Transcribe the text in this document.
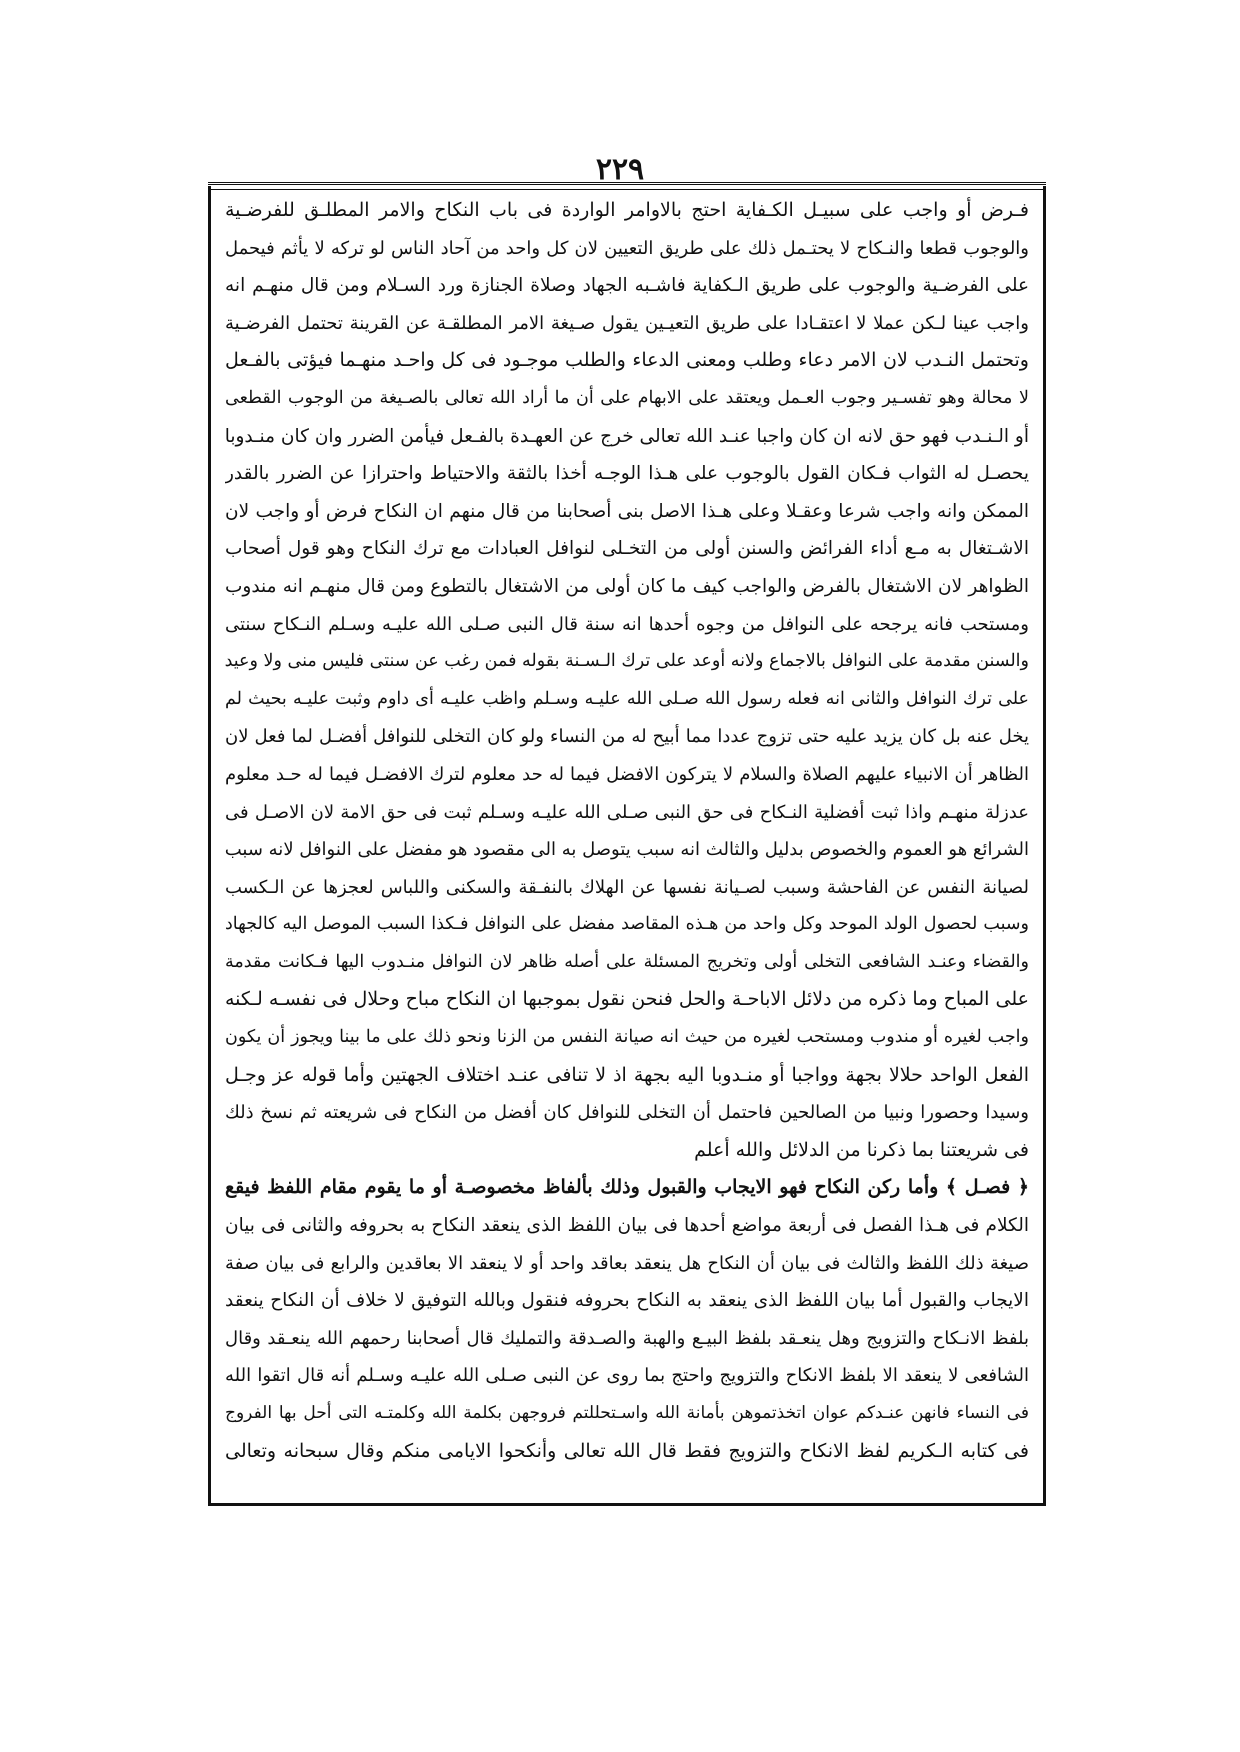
٢٢٩
فـرض أو واجب على سبيـل الكـفاية احتج بالاوامر الواردة فى باب النكاح والامر المطلـق للفرضـية
والوجوب قطعا والنـكاح لا يحتـمل ذلك على طريق التعيين لان كل واحد من آحاد الناس لو تركه لا يأثم فيحمل
على الفرضـية والوجوب على طريق الـكفاية فاشـبه الجهاد وصلاة الجنازة ورد السـلام ومن قال منهـم انه
واجب عينا لـكن عملا لا اعتقـادا على طريق التعيـين يقول صـيغة الامر المطلقـة عن القرينة تحتمل الفرضـية
وتحتمل النـدب لان الامر دعاء وطلب ومعنى الدعاء والطلب موجـود فى كل واحـد منهـما فيؤتى بالفـعل
لا محالة وهو تفسـير وجوب العـمل ويعتقد على الابهام على أن ما أراد الله تعالى بالصـيغة من الوجوب القطعى
أو الـنـدب فهو حق لانه ان كان واجبا عنـد الله تعالى خرج عن العهـدة بالفـعل فيأمن الضرر وان كان منـدوبا
يحصـل له الثواب فـكان القول بالوجوب على هـذا الوجـه أخذا بالثقة والاحتياط واحترازا عن الضرر بالقدر
الممكن وانه واجب شرعا وعقـلا وعلى هـذا الاصل بنى أصحابنا من قال منهم ان النكاح فرض أو واجب لان
الاشـتغال به مـع أداء الفرائض والسنن أولى من التخـلى لنوافل العبادات مع ترك النكاح وهو قول أصحاب
الظواهر لان الاشتغال بالفرض والواجب كيف ما كان أولى من الاشتغال بالتطوع ومن قال منهـم انه مندوب
ومستحب فانه يرجحه على النوافل من وجوه أحدها انه سنة قال النبى صـلى الله عليـه وسـلم النـكاح سنتى
والسنن مقدمة على النوافل بالاجماع ولانه أوعد على ترك الـسـنة بقوله فمن رغب عن سنتى فليس منى ولا وعيد
على ترك النوافل والثانى انه فعله رسول الله صـلى الله عليـه وسـلم واظب عليـه أى داوم وثبت عليـه بحيث لم
يخل عنه بل كان يزيد عليه حتى تزوج عددا مما أبيح له من النساء ولو كان التخلى للنوافل أفضـل لما فعل لان
الظاهر أن الانبياء عليهم الصلاة والسلام لا يتركون الافضل فيما له حد معلوم لترك الافضـل فيما له حـد معلوم
عدزلة منهـم واذا ثبت أفضلية النـكاح فى حق النبى صـلى الله عليـه وسـلم ثبت فى حق الامة لان الاصـل فى
الشرائع هو العموم والخصوص بدليل والثالث انه سبب يتوصل به الى مقصود هو مفضل على النوافل لانه سبب
لصيانة النفس عن الفاحشة وسبب لصـيانة نفسها عن الهلاك بالنفـقة والسكنى واللباس لعجزها عن الـكسب
وسبب لحصول الولد الموحد وكل واحد من هـذه المقاصد مفضل على النوافل فـكذا السبب الموصل اليه كالجهاد
والقضاء وعنـد الشافعى التخلى أولى وتخريج المسئلة على أصله ظاهر لان النوافل منـدوب اليها فـكانت مقدمة
على المباح وما ذكره من دلائل الاباحـة والحل فنحن نقول بموجبها ان النكاح مباح وحلال فى نفسـه لـكنه
واجب لغيره أو مندوب ومستحب لغيره من حيث انه صيانة النفس من الزنا ونحو ذلك على ما بينا ويجوز أن يكون
الفعل الواحد حلالا بجهة وواجبا أو منـدوبا اليه بجهة اذ لا تنافى عنـد اختلاف الجهتين وأما قوله عز وجـل
وسيدا وحصورا ونبيا من الصالحين فاحتمل أن التخلى للنوافل كان أفضل من النكاح فى شريعته ثم نسخ ذلك
فى شريعتنا بما ذكرنا من الدلائل والله أعلم
﴿ فصـل ﴾ وأما ركن النكاح فهو الايجاب والقبول وذلك بألفاظ مخصوصـة أو ما يقوم مقام اللفظ فيقع
الكلام فى هـذا الفصل فى أربعة مواضع أحدها فى بيان اللفظ الذى ينعقد النكاح به بحروفه والثانى فى بيان
صيغة ذلك اللفظ والثالث فى بيان أن النكاح هل ينعقد بعاقد واحد أو لا ينعقد الا بعاقدين والرابع فى بيان صفة
الايجاب والقبول أما بيان اللفظ الذى ينعقد به النكاح بحروفه فنقول وبالله التوفيق لا خلاف أن النكاح ينعقد
بلفظ الانـكاح والتزويج وهل ينعـقد بلفظ البيـع والهبة والصـدقة والتمليك قال أصحابنا رحمهم الله ينعـقد وقال
الشافعى لا ينعقد الا بلفظ الانكاح والتزويج واحتج بما روى عن النبى صـلى الله عليـه وسـلم أنه قال اتقوا الله
فى النساء فانهن عنـدكم عوان اتخذتموهن بأمانة الله واسـتحللتم فروجهن بكلمة الله وكلمتـه التى أحل بها الفروج
فى كتابه الـكريم لفظ الانكاح والتزويج فقط قال الله تعالى وأنكحوا الايامى منكم وقال سبحانه وتعالى
